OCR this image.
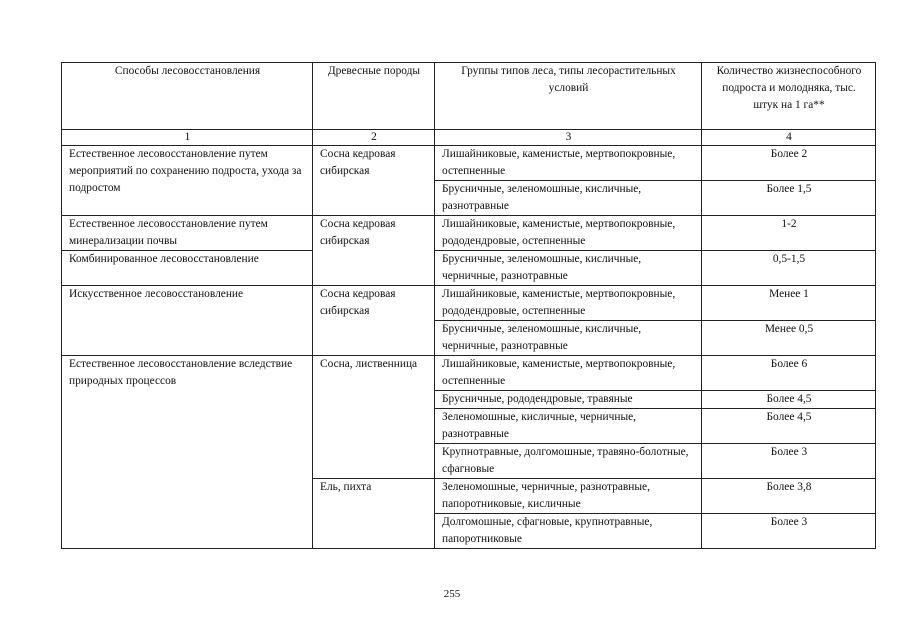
Способы лесовосстановления	Древесные породы	Группы типов леса, типы лесорастительных условий	Количество жизнеспособного подроста и молодняка, тыс. штук на 1 га**
1	2	3	4
Естественное лесовосстановление путем мероприятий по сохранению подроста, ухода за подростом	Сосна кедровая сибирская	Лишайниковые, каменистые, мертвопокровные, остепненные	Более 2
		Брусничные, зеленомошные, кисличные, разнотравные	Более 1,5
Естественное лесовосстановление путем минерализации почвы	Сосна кедровая сибирская	Лишайниковые, каменистые, мертвопокровные, рододендровые, остепненные	1-2
Комбинированное лесовосстановление		Брусничные, зеленомошные, кисличные, черничные, разнотравные	0,5-1,5
Искусственное лесовосстановление	Сосна кедровая сибирская	Лишайниковые, каменистые, мертвопокровные, рододендровые, остепненные	Менее 1
		Брусничные, зеленомошные, кисличные, черничные, разнотравные	Менее 0,5
Естественное лесовосстановление вследствие природных процессов	Сосна, лиственница	Лишайниковые, каменистые, мертвопокровные, остепненные	Более 6
		Брусничные, рододендровые, травяные	Более 4,5
		Зеленомошные, кисличные, черничные, разнотравные	Более 4,5
		Крупнотравные, долгомошные, травяно-болотные, сфагновые	Более 3
	Ель, пихта	Зеленомошные, черничные, разнотравные, папоротниковые, кисличные	Более 3,8
		Долгомошные, сфагновые, крупнотравные, папоротниковые	Более 3
255
